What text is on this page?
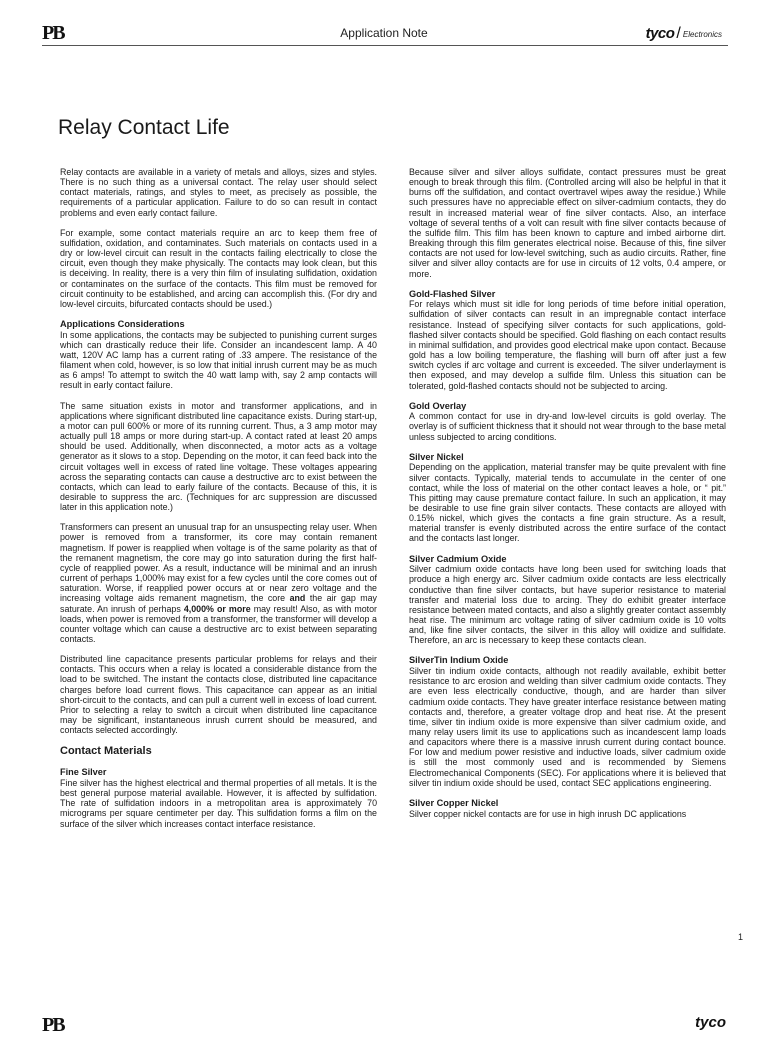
PB	Application Note	tyco / Electronics
Relay Contact Life

Relay contacts are available in a variety of metals and alloys, sizes and styles. There is no such thing as a universal contact. The relay user should select contact materials, ratings, and styles to meet, as precisely as possible, the requirements of a particular application. Failure to do so can result in contact problems and even early contact failure.

For example, some contact materials require an arc to keep them free of sulfidation, oxidation, and contaminates. Such materials on contacts used in a dry or low-level circuit can result in the contacts failing electrically to close the circuit, even though they make physically. The contacts may look clean, but this is deceiving. In reality, there is a very thin film of insulating sulfidation, oxidation or contaminates on the surface of the contacts. This film must be removed for circuit continuity to be established, and arcing can accomplish this. (For dry and low-level circuits, bifurcated contacts should be used.)

Applications Considerations

In some applications, the contacts may be subjected to punishing current surges which can drastically reduce their life. Consider an incandescent lamp. A 40 watt, 120V AC lamp has a current rating of .33 ampere. The resistance of the filament when cold, however, is so low that initial inrush current may be as much as 6 amps! To attempt to switch the 40 watt lamp with, say 2 amp contacts will result in early contact failure.

The same situation exists in motor and transformer applications, and in applications where significant distributed line capacitance exists. During start-up, a motor can pull 600% or more of its running current. Thus, a 3 amp motor may actually pull 18 amps or more during start-up. A contact rated at least 20 amps should be used. Additionally, when disconnected, a motor acts as a voltage generator as it slows to a stop. Depending on the motor, it can feed back into the circuit voltages well in excess of rated line voltage. These voltages appearing across the separating contacts can cause a destructive arc to exist between the contacts, which can lead to early failure of the contacts. Because of this, it is desirable to suppress the arc. (Techniques for arc suppression are discussed later in this application note.)

Transformers can present an unusual trap for an unsuspecting relay user. When power is removed from a transformer, its core may contain remanent magnetism. If power is reapplied when voltage is of the same polarity as that of the remanent magnetism, the core may go into saturation during the first half-cycle of reapplied power. As a result, inductance will be minimal and an inrush current of perhaps 1,000% may exist for a few cycles until the core comes out of saturation. Worse, if reapplied power occurs at or near zero voltage and the increasing voltage aids remanent magnetism, the core and the air gap may saturate. An inrush of perhaps 4,000% or more may result! Also, as with motor loads, when power is removed from a transformer, the transformer will develop a counter voltage which can cause a destructive arc to exist between separating contacts.

Distributed line capacitance presents particular problems for relays and their contacts. This occurs when a relay is located a considerable distance from the load to be switched. The instant the contacts close, distributed line capacitance charges before load current flows. This capacitance can appear as an initial short-circuit to the contacts, and can pull a current well in excess of load current. Prior to selecting a relay to switch a circuit when distributed line capacitance may be significant, instantaneous inrush current should be measured, and contacts selected accordingly.

Contact Materials
Fine Silver

Fine silver has the highest electrical and thermal properties of all metals. It is the best general purpose material available. However, it is affected by sulfidation. The rate of sulfidation indoors in a metropolitan area is approximately 70 micrograms per square centimeter per day. This sulfidation forms a film on the surface of the silver which increases contact interface resistance.

Because silver and silver alloys sulfidate, contact pressures must be great enough to break through this film. (Controlled arcing will also be helpful in that it burns off the sulfidation, and contact overtravel wipes away the residue.) While such pressures have no appreciable effect on silver-cadmium contacts, they do result in increased material wear of fine silver contacts. Also, an interface voltage of several tenths of a volt can result with fine silver contacts because of the sulfide film. This film has been known to capture and imbed airborne dirt. Breaking through this film generates electrical noise. Because of this, fine silver contacts are not used for low-level switching, such as audio circuits. Rather, fine silver and silver alloy contacts are for use in circuits of 12 volts, 0.4 ampere, or more.

Gold-Flashed Silver

For relays which must sit idle for long periods of time before initial operation, sulfidation of silver contacts can result in an impregnable contact interface resistance. Instead of specifying silver contacts for such applications, gold-flashed silver contacts should be specified. Gold flashing on each contact results in minimal sulfidation, and provides good electrical make upon contact. Because gold has a low boiling temperature, the flashing will burn off after just a few switch cycles if arc voltage and current is exceeded. The silver underlayment is then exposed, and may develop a sulfide film. Unless this situation can be tolerated, gold-flashed contacts should not be subjected to arcing.

Gold Overlay

A common contact for use in dry-and low-level circuits is gold overlay. The overlay is of sufficient thickness that it should not wear through to the base metal unless subjected to arcing conditions.

Silver Nickel

Depending on the application, material transfer may be quite prevalent with fine silver contacts. Typically, material tends to accumulate in the center of one contact, while the loss of material on the other contact leaves a hole, or “ pit.” This pitting may cause premature contact failure. In such an application, it may be desirable to use fine grain silver contacts. These contacts are alloyed with 0.15% nickel, which gives the contacts a fine grain structure. As a result, material transfer is evenly distributed across the entire surface of the contact and the contacts last longer.

Silver Cadmium Oxide

Silver cadmium oxide contacts have long been used for switching loads that produce a high energy arc. Silver cadmium oxide contacts are less electrically conductive than fine silver contacts, but have superior resistance to material transfer and material loss due to arcing. They do exhibit greater interface resistance between mated contacts, and also a slightly greater contact assembly heat rise. The minimum arc voltage rating of silver cadmium oxide is 10 volts and, like fine silver contacts, the silver in this alloy will oxidize and sulfidate. Therefore, an arc is necessary to keep these contacts clean.

SilverTin Indium Oxide

Silver tin indium oxide contacts, although not readily available, exhibit better resistance to arc erosion and welding than silver cadmium oxide contacts. They are even less electrically conductive, though, and are harder than silver cadmium oxide contacts. They have greater interface resistance between mating contacts and, therefore, a greater voltage drop and heat rise. At the present time, silver tin indium oxide is more expensive than silver cadmium oxide, and many relay users limit its use to applications such as incandescent lamp loads and capacitors where there is a massive inrush current during contact bounce. For low and medium power resistive and inductive loads, silver cadmium oxide is still the most commonly used and is recommended by Siemens Electromechanical Components (SEC). For applications where it is believed that silver tin indium oxide should be used, contact SEC applications engineering.

Silver Copper Nickel

Silver copper nickel contacts are for use in high inrush DC applications

1
PB	tyco
